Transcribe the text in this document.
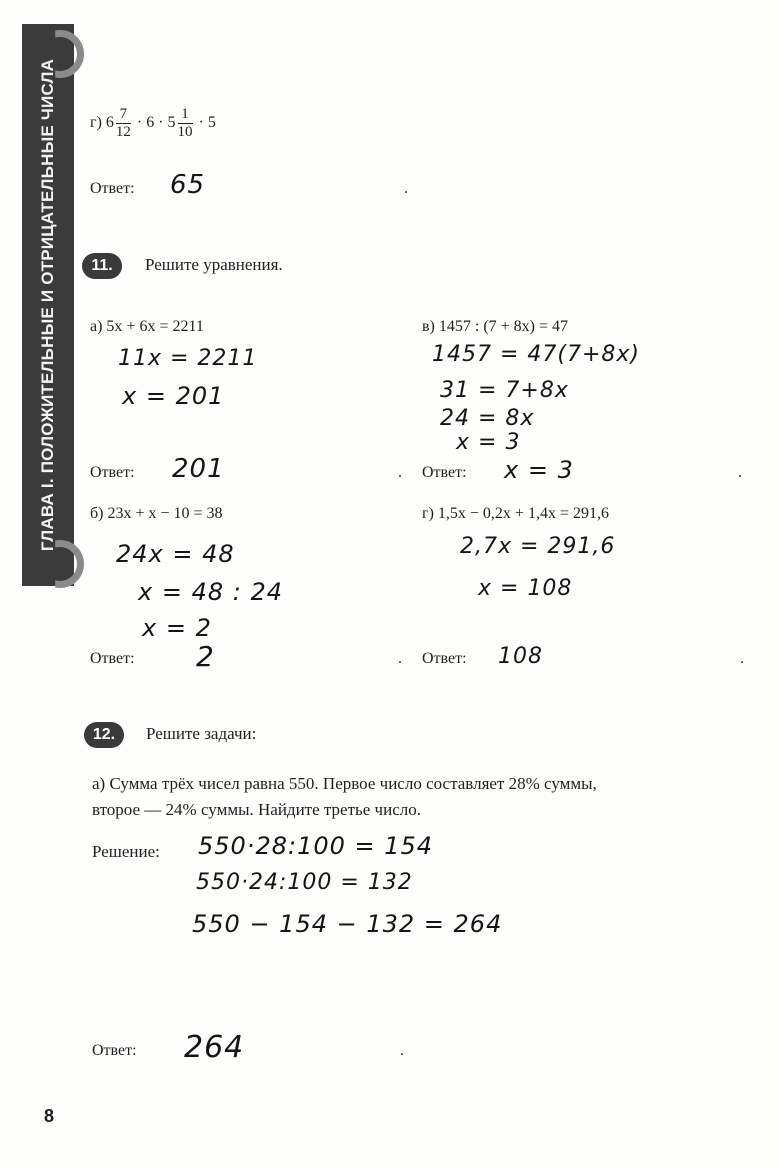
ГЛАВА I. ПОЛОЖИТЕЛЬНЫЕ И ОТРИЦАТЕЛЬНЫЕ ЧИСЛА	г) $6 \frac{7}{12} \cdot 6 \cdot 5 \frac{1}{10} \cdot 5$
Ответ: 65	.
11.	Решите уравнения.
а) 5x + 6x = 2211
11x = 2211
x = 201
Ответ: 201	.
в) 1457 : (7 + 8x) = 47
1457 = 47(7+8x)
31 = 7+8x
24 = 8x
x = 3
Ответ: x = 3	.
б) 23x + x − 10 = 38
24x = 48
x = 48 : 24
x = 2
Ответ: 2	.
г) 1,5x − 0,2x + 1,4x = 291,6
2,7x = 291,6
x = 108
Ответ: 108	.
12.	Решите задачи:
а) Сумма трёх чисел равна 550. Первое число составляет 28% суммы,
второе — 24% суммы. Найдите третье число.
Решение: 550·28:100 = 154
550·24:100 = 132
550 − 154 − 132 = 264
Ответ: 264	.
8
